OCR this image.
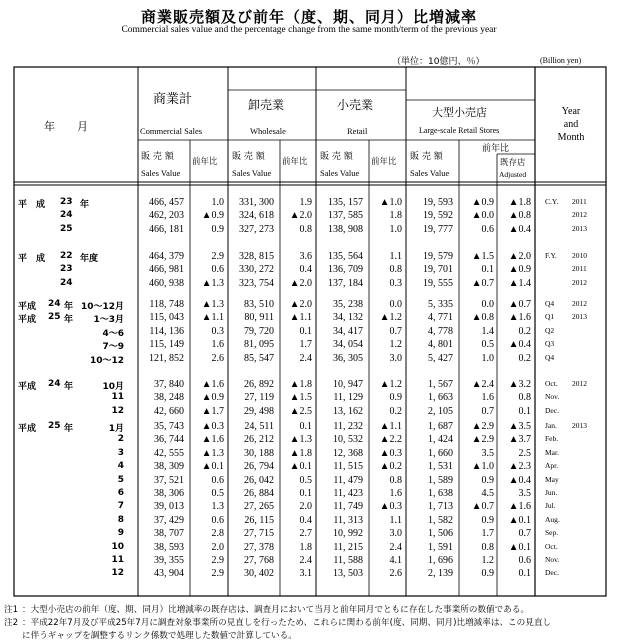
商業販売額及び前年（度、期、同月）比増減率
Commercial sales value and the percentage change from the same month/term of the previous year
（単位：10億円、％）	(Billion yen)
年　　月
商業計
Commercial Sales
卸売業
Wholesale
小売業
Retail
大型小売店
Large-scale Retail Stores
販 売 額
Sales Value
前年比 販 売 額
Sales Value
前年比 販 売 額
Sales Value
前年比 販 売 額
Sales Value
前年比
既存店
Adjusted
Year
and
Month
平　成 23 年	466, 457	1.0	331, 300	1.9	135, 157	▲1.0	19, 593	▲0.9	▲1.8 C.Y. 2011
24	462, 203	▲0.9	324, 618	▲2.0	137, 585	1.8	19, 592	▲0.0	▲0.8	2012
25	466, 181	0.9	327, 273	0.8	138, 908	1.0	19, 777	0.6	▲0.4	2013
平　成 22 年度	464, 379	2.9	328, 815	3.6	135, 564	1.1	19, 579	▲1.5	▲2.0 F.Y. 2010
23	466, 981	0.6	330, 272	0.4	136, 709	0.8	19, 701	0.1	▲0.9	2011
24	460, 938	▲1.3	323, 754	▲2.0	137, 184	0.3	19, 555	▲0.7	▲1.4	2012
平成 24 年 10～12月	118, 748	▲1.3	83, 510	▲2.0	35, 238	0.0	5, 335	0.0	▲0.7 Q4 2012
平成 25 年	1～3月	115, 043	▲1.1	80, 911	▲1.1	34, 132	▲1.2	4, 771	▲0.8	▲1.6 Q1 2013
4～6	114, 136	0.3	79, 720	0.1	34, 417	0.7	4, 778	1.4	0.2 Q2
7～9	115, 149	1.6	81, 095	1.7	34, 054	1.2	4, 801	0.5	▲0.4 Q3
10～12	121, 852	2.6	85, 547	2.4	36, 305	3.0	5, 427	1.0	0.2 Q4
平成 24 年	10月	37, 840	▲1.6	26, 892	▲1.8	10, 947	▲1.2	1, 567	▲2.4	▲3.2 Oct. 2012
11	38, 248	▲0.9	27, 119	▲1.5	11, 129	0.9	1, 663	1.6	0.8 Nov.
12	42, 660	▲1.7	29, 498	▲2.5	13, 162	0.2	2, 105	0.7	0.1 Dec.
平成 25 年	1月	35, 743	▲0.3	24, 511	0.1	11, 232	▲1.1	1, 687	▲2.9	▲3.5 Jan. 2013
2	36, 744	▲1.6	26, 212	▲1.3	10, 532	▲2.2	1, 424	▲2.9	▲3.7 Feb.
3	42, 555	▲1.3	30, 188	▲1.8	12, 368	▲0.3	1, 660	3.5	2.5 Mar.
4	38, 309	▲0.1	26, 794	▲0.1	11, 515	▲0.2	1, 531	▲1.0	▲2.3 Apr.
5	37, 521	0.6	26, 042	0.5	11, 479	0.8	1, 589	0.9	▲0.4 May
6	38, 306	0.5	26, 884	0.1	11, 423	1.6	1, 638	4.5	3.5 Jun.
7	39, 013	1.3	27, 265	2.0	11, 749	▲0.3	1, 713	▲0.7	▲1.6 Jul.
8	37, 429	0.6	26, 115	0.4	11, 313	1.1	1, 582	0.9	▲0.1 Aug.
9	38, 707	2.8	27, 715	2.7	10, 992	3.0	1, 506	1.7	0.7 Sep.
10	38, 593	2.0	27, 378	1.8	11, 215	2.4	1, 591	0.8	▲0.1 Oct.
11	39, 355	2.9	27, 768	2.4	11, 588	4.1	1, 696	1.2	0.6 Nov.
12	43, 904	2.9	30, 402	3.1	13, 503	2.6	2, 139	0.9	0.1 Dec.
注1 ：大型小売店の前年（度、期、同月）比増減率の既存店は、調査月において当月と前年同月でともに存在した事業所の数値である。
注2 ：平成22年7月及び平成25年7月に調査対象事業所の見直しを行ったため、これらに関わる前年(度、同期、同月)比増減率は、この見直し
に伴うギャップを調整するリンク係数で処理した数値で計算している。
